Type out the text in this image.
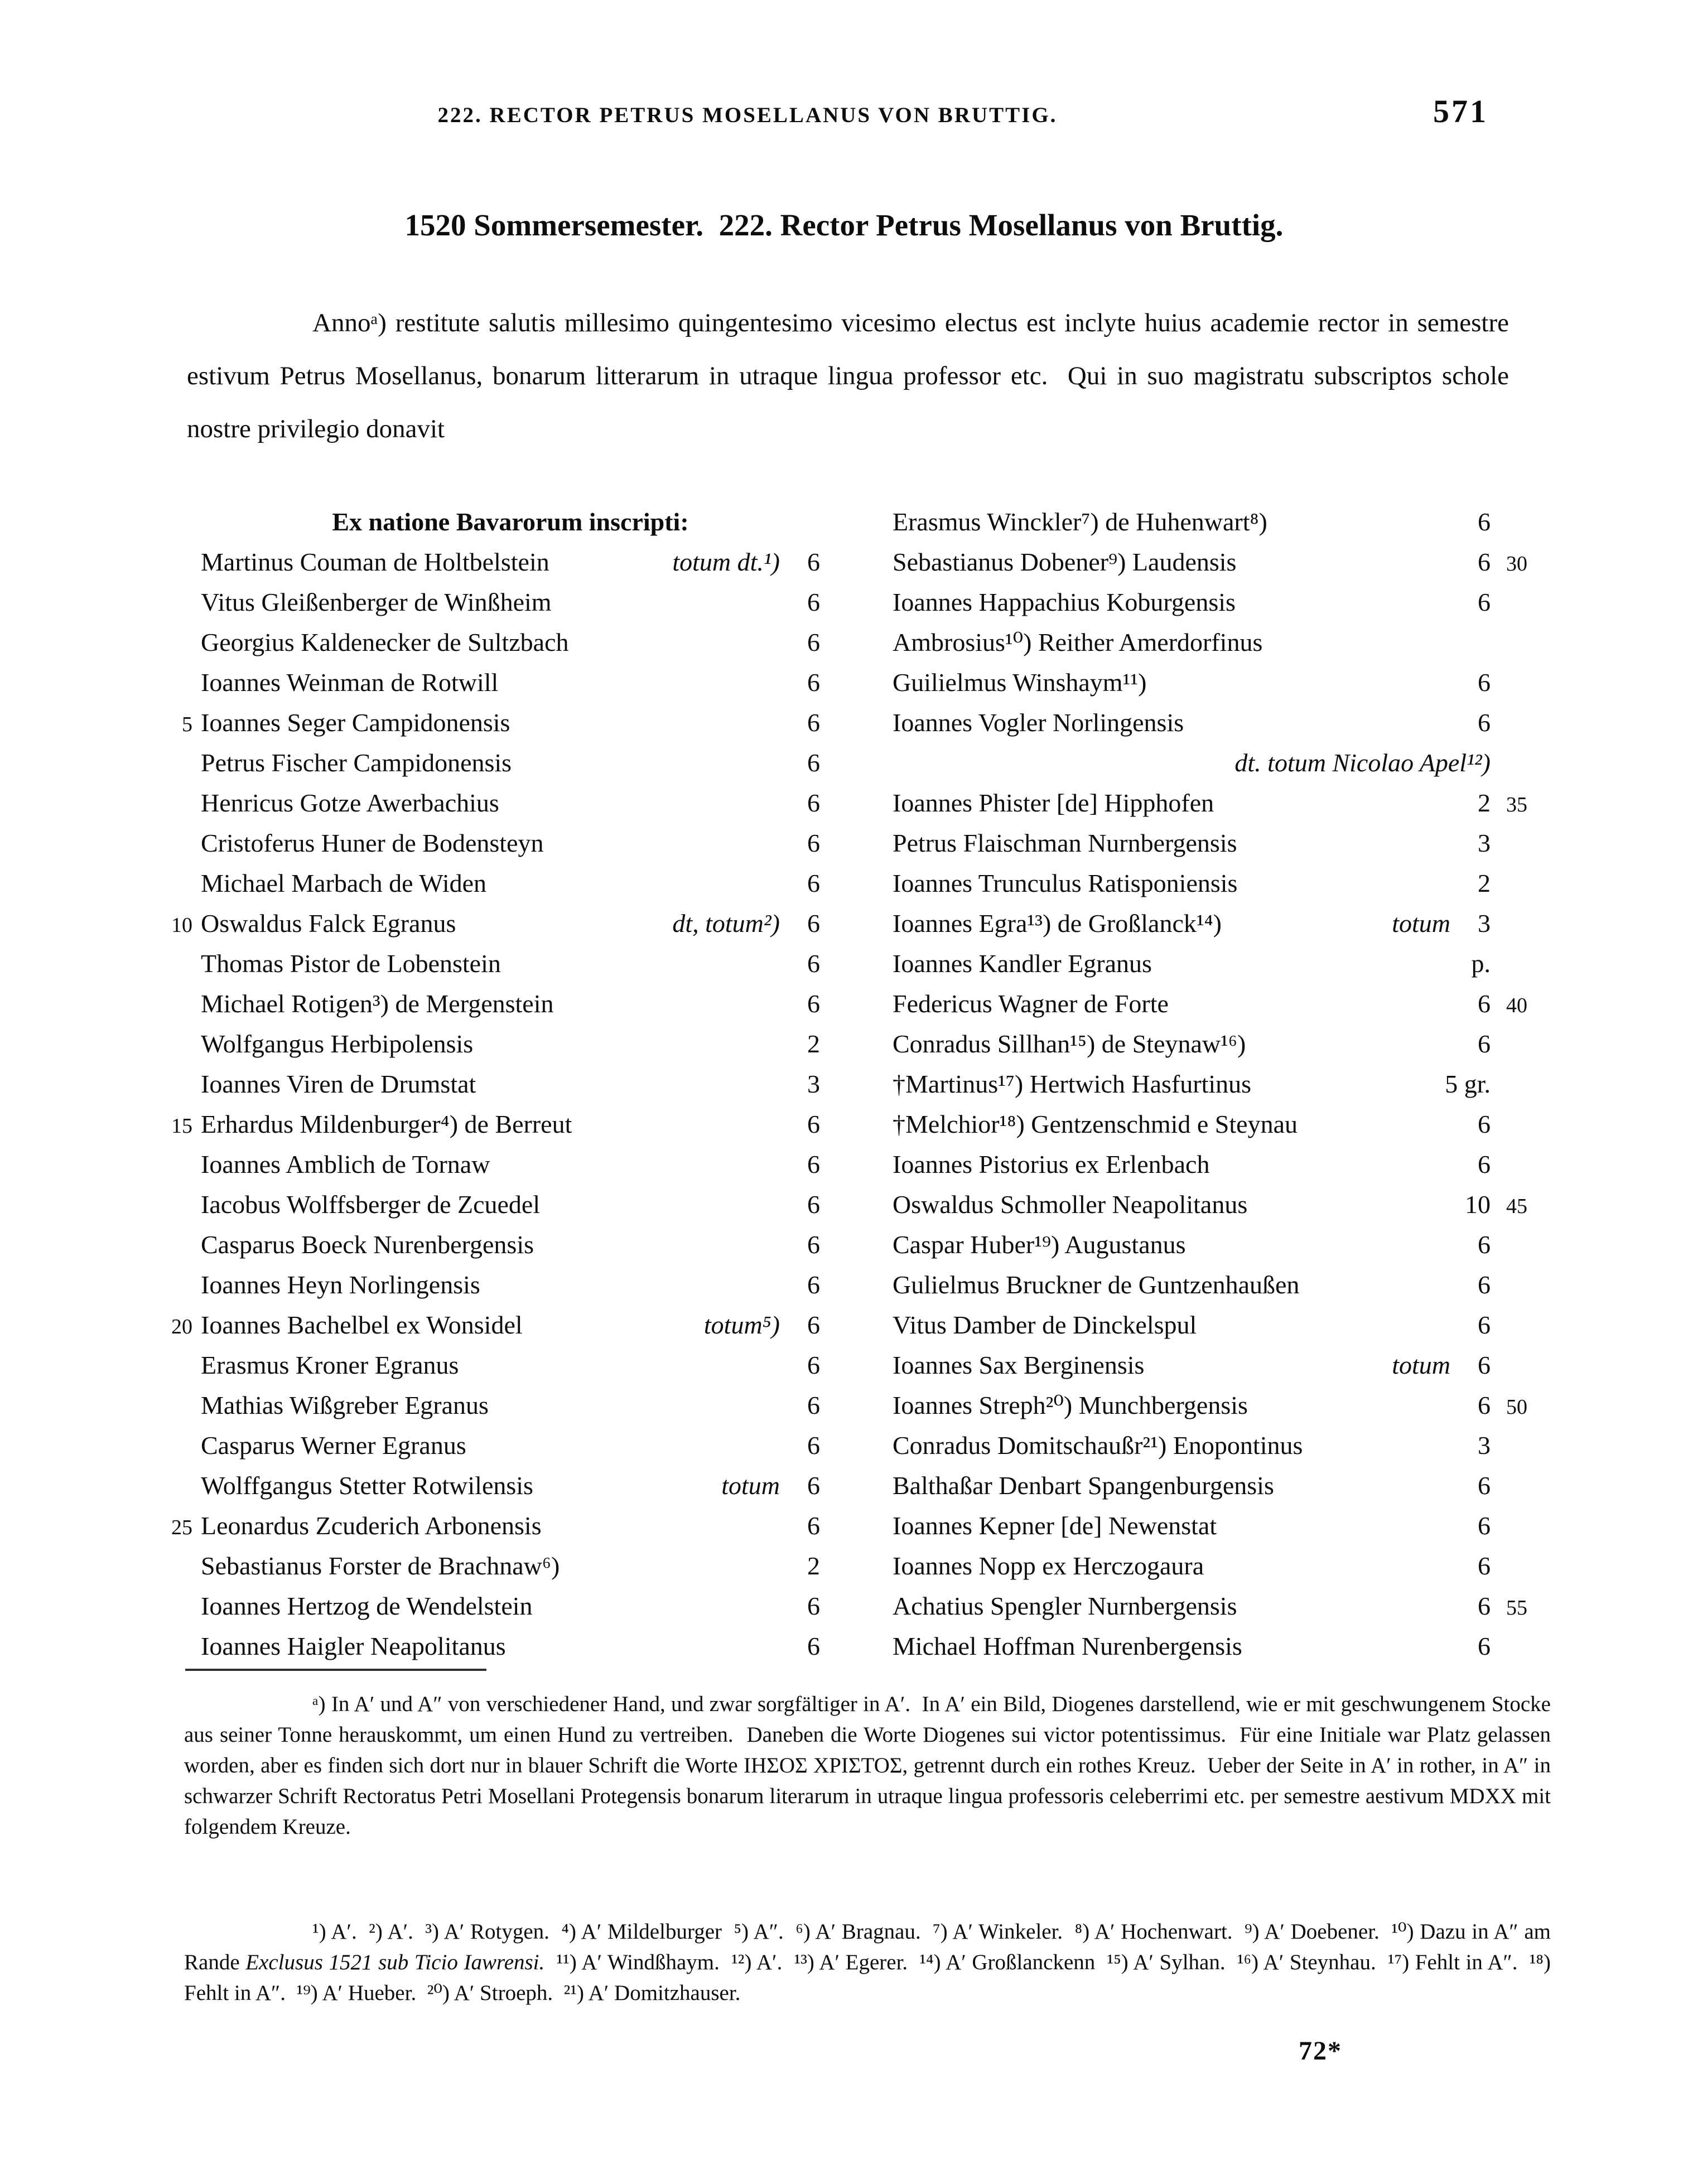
222. RECTOR PETRUS MOSELLANUS VON BRUTTIG.	571
1520 Sommersemester.  222. Rector Petrus Mosellanus von Bruttig.
Annoᵃ) restitute salutis millesimo quingentesimo vicesimo electus est inclyte huius academie rector in semestre estivum Petrus Mosellanus, bonarum litterarum in utraque lingua professor etc.  Qui in suo magistratu subscriptos schole nostre privilegio donavit
Ex natione Bavarorum inscripti:	Erasmus Winckler⁷) de Huhenwart⁸)	6
Martinus Couman de Holtbelstein	totum dt.¹)	6	Sebastianus Dobener⁹) Laudensis	6 30
Vitus Gleißenberger de Winßheim	6	Ioannes Happachius Koburgensis	6
Georgius Kaldenecker de Sultzbach	6	Ambrosius¹⁰) Reither Amerdorfinus
Ioannes Weinman de Rotwill	6	Guilielmus Winshaym¹¹)	6
5 Ioannes Seger Campidonensis	6	Ioannes Vogler Norlingensis	6
Petrus Fischer Campidonensis	6	dt. totum Nicolao Apel¹²)
Henricus Gotze Awerbachius	6	Ioannes Phister [de] Hipphofen	2 35
Cristoferus Huner de Bodensteyn	6	Petrus Flaischman Nurnbergensis	3
Michael Marbach de Widen	6	Ioannes Trunculus Ratisponiensis	2
10 Oswaldus Falck Egranus	dt, totum²)	6	Ioannes Egra¹³) de Großlanck¹⁴)	totum	3
Thomas Pistor de Lobenstein	6	Ioannes Kandler Egranus	p.
Michael Rotigen³) de Mergenstein	6	Federicus Wagner de Forte	6 40
Wolfgangus Herbipolensis	2	Conradus Sillhan¹⁵) de Steynaw¹⁶)	6
Ioannes Viren de Drumstat	3	†Martinus¹⁷) Hertwich Hasfurtinus	5 gr.
15 Erhardus Mildenburger⁴) de Berreut	6	†Melchior¹⁸) Gentzenschmid e Steynau	6
Ioannes Amblich de Tornaw	6	Ioannes Pistorius ex Erlenbach	6
Iacobus Wolffsberger de Zcuedel	6	Oswaldus Schmoller Neapolitanus	10 45
Casparus Boeck Nurenbergensis	6	Caspar Huber¹⁹) Augustanus	6
Ioannes Heyn Norlingensis	6	Gulielmus Bruckner de Guntzenhaußen	6
20 Ioannes Bachelbel ex Wonsidel	totum⁵)	6	Vitus Damber de Dinckelspul	6
Erasmus Kroner Egranus	6	Ioannes Sax Berginensis	totum	6
Mathias Wißgreber Egranus	6	Ioannes Streph²⁰) Munchbergensis	6 50
Casparus Werner Egranus	6	Conradus Domitschaußr²¹) Enopontinus	3
Wolffgangus Stetter Rotwilensis	totum	6	Balthaßar Denbart Spangenburgensis	6
25 Leonardus Zcuderich Arbonensis	6	Ioannes Kepner [de] Newenstat	6
Sebastianus Forster de Brachnaw⁶)	2	Ioannes Nopp ex Herczogaura	6
Ioannes Hertzog de Wendelstein	6	Achatius Spengler Nurnbergensis	6 55
Ioannes Haigler Neapolitanus	6	Michael Hoffman Nurenbergensis	6
ᵃ) In A′ und A″ von verschiedener Hand, und zwar sorgfältiger in A′.  In A′ ein Bild, Diogenes darstellend, wie er mit geschwungenem Stocke aus seiner Tonne herauskommt, um einen Hund zu vertreiben.  Daneben die Worte Diogenes sui victor potentissimus.  Für eine Initiale war Platz gelassen worden, aber es finden sich dort nur in blauer Schrift die Worte ΙΗΣΟΣ ΧΡΙΣΤΟΣ, getrennt durch ein rothes Kreuz.  Ueber der Seite in A′ in rother, in A″ in schwarzer Schrift Rectoratus Petri Mosellani Protegensis bonarum literarum in utraque lingua professoris celeberrimi etc. per semestre aestivum MDXX mit folgendem Kreuze.
¹) A′.  ²) A′.  ³) A′ Rotygen.  ⁴) A′ Mildelburger  ⁵) A″.  ⁶) A′ Bragnau.  ⁷) A′ Winkeler.  ⁸) A′ Hochenwart.  ⁹) A′ Doebener.  ¹⁰) Dazu in A″ am Rande Exclusus 1521 sub Ticio Iawrensi.  ¹¹) A′ Windßhaym.  ¹²) A′.  ¹³) A′ Egerer.  ¹⁴) A′ Großlanckenn  ¹⁵) A′ Sylhan.  ¹⁶) A′ Steynhau.  ¹⁷) Fehlt in A″.  ¹⁸) Fehlt in A″.  ¹⁹) A′ Hueber.  ²⁰) A′ Stroeph.  ²¹) A′ Domitzhauser.
72*
